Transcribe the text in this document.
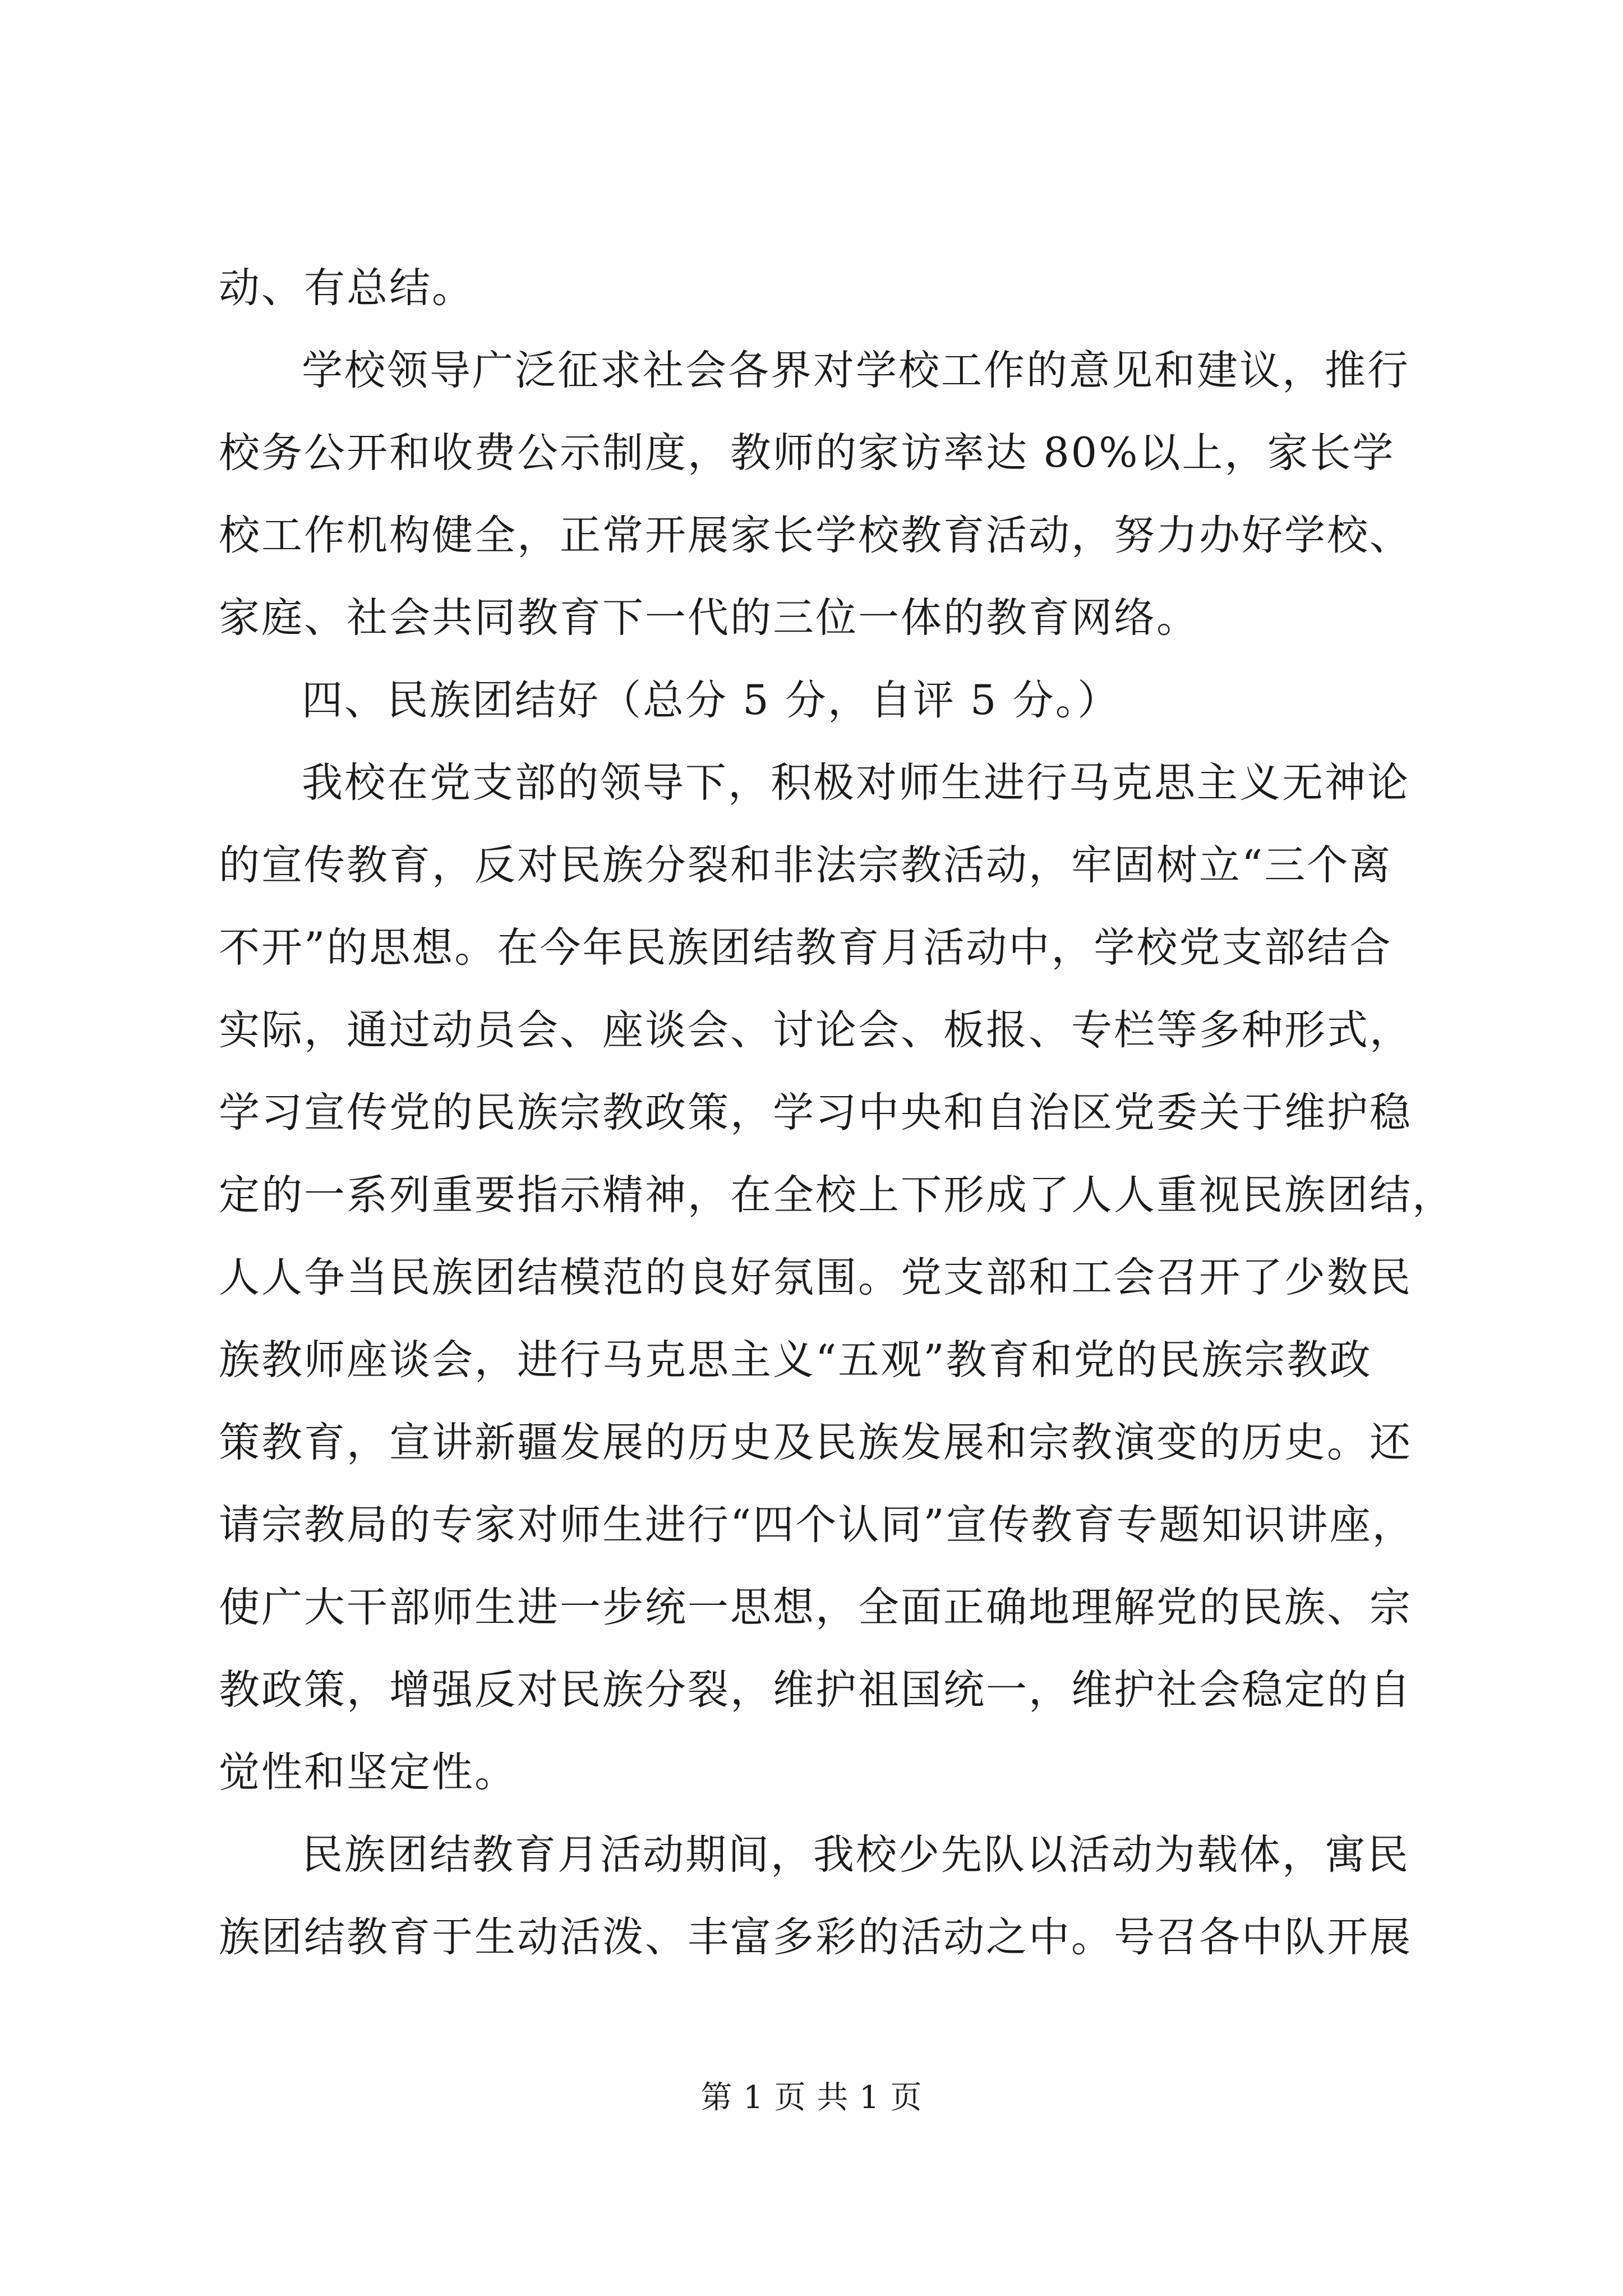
动、有总结。
学校领导广泛征求社会各界对学校工作的意见和建议，推行
校务公开和收费公示制度，教师的家访率达 80%以上，家长学
校工作机构健全，正常开展家长学校教育活动，努力办好学校、
家庭、社会共同教育下一代的三位一体的教育网络。
四、民族团结好（总分 5 分，自评 5 分。）
我校在党支部的领导下，积极对师生进行马克思主义无神论
的宣传教育，反对民族分裂和非法宗教活动，牢固树立“三个离
不开”的思想。在今年民族团结教育月活动中，学校党支部结合
实际，通过动员会、座谈会、讨论会、板报、专栏等多种形式，
学习宣传党的民族宗教政策，学习中央和自治区党委关于维护稳
定的一系列重要指示精神，在全校上下形成了人人重视民族团结，
人人争当民族团结模范的良好氛围。党支部和工会召开了少数民
族教师座谈会，进行马克思主义“五观”教育和党的民族宗教政
策教育，宣讲新疆发展的历史及民族发展和宗教演变的历史。还
请宗教局的专家对师生进行“四个认同”宣传教育专题知识讲座，
使广大干部师生进一步统一思想，全面正确地理解党的民族、宗
教政策，增强反对民族分裂，维护祖国统一，维护社会稳定的自
觉性和坚定性。
民族团结教育月活动期间，我校少先队以活动为载体，寓民
族团结教育于生动活泼、丰富多彩的活动之中。号召各中队开展
第 1 页 共 1 页
